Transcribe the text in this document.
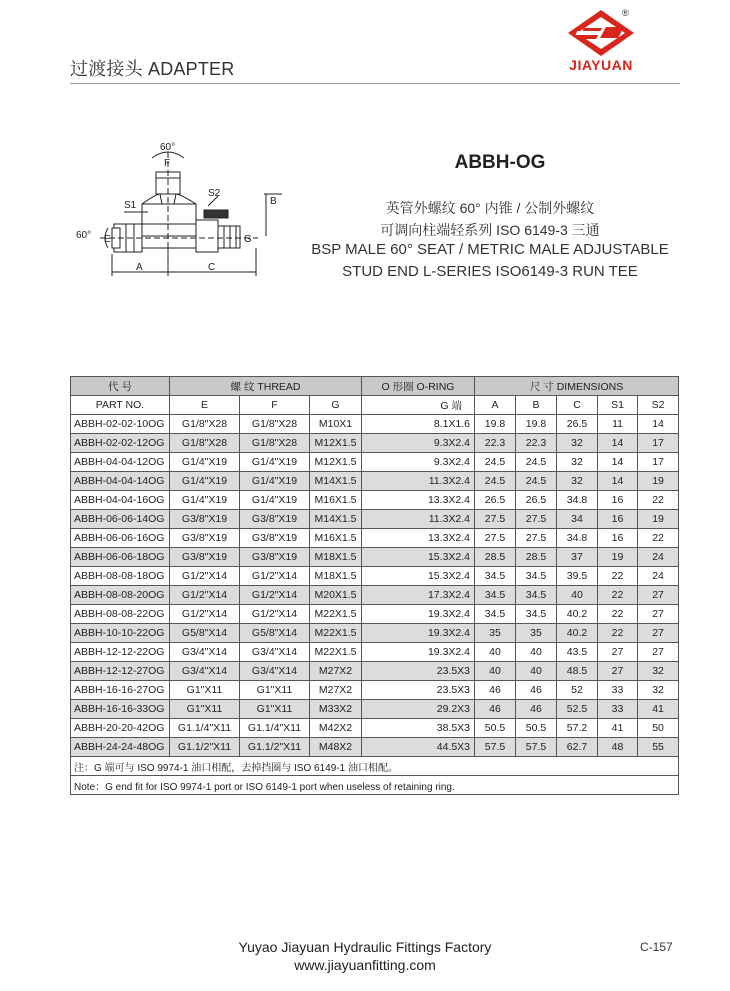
过渡接头 ADAPTER
®
JIAYUAN
ABBH-OG
英管外螺纹 60° 内锥 / 公制外螺纹
可调向柱端轻系列 ISO 6149-3 三通
BSP MALE 60° SEAT / METRIC MALE ADJUSTABLE
STUD END L-SERIES ISO6149-3 RUN TEE
60°
F
S1
S2
B
60° E	G
A	C
代 号	螺 纹 THREAD			O 形圈 O-RING	尺 寸 DIMENSIONS				
PART NO.	E	F	G	G 端	A	B	C	S1	S2
ABBH-02-02-10OG	G1/8"X28	G1/8"X28	M10X1	8.1X1.6	19.8	19.8	26.5	11	14
ABBH-02-02-12OG	G1/8"X28	G1/8"X28	M12X1.5	9.3X2.4	22.3	22.3	32	14	17
ABBH-04-04-12OG	G1/4"X19	G1/4"X19	M12X1.5	9.3X2.4	24.5	24.5	32	14	17
ABBH-04-04-14OG	G1/4"X19	G1/4"X19	M14X1.5	11.3X2.4	24.5	24.5	32	14	19
ABBH-04-04-16OG	G1/4"X19	G1/4"X19	M16X1.5	13.3X2.4	26.5	26.5	34.8	16	22
ABBH-06-06-14OG	G3/8"X19	G3/8"X19	M14X1.5	11.3X2.4	27.5	27.5	34	16	19
ABBH-06-06-16OG	G3/8"X19	G3/8"X19	M16X1.5	13.3X2.4	27.5	27.5	34.8	16	22
ABBH-06-06-18OG	G3/8"X19	G3/8"X19	M18X1.5	15.3X2.4	28.5	28.5	37	19	24
ABBH-08-08-18OG	G1/2"X14	G1/2"X14	M18X1.5	15.3X2.4	34.5	34.5	39.5	22	24
ABBH-08-08-20OG	G1/2"X14	G1/2"X14	M20X1.5	17.3X2.4	34.5	34.5	40	22	27
ABBH-08-08-22OG	G1/2"X14	G1/2"X14	M22X1.5	19.3X2.4	34.5	34.5	40.2	22	27
ABBH-10-10-22OG	G5/8"X14	G5/8"X14	M22X1.5	19.3X2.4	35	35	40.2	22	27
ABBH-12-12-22OG	G3/4"X14	G3/4"X14	M22X1.5	19.3X2.4	40	40	43.5	27	27
ABBH-12-12-27OG	G3/4"X14	G3/4"X14	M27X2	23.5X3	40	40	48.5	27	32
ABBH-16-16-27OG	G1"X11	G1"X11	M27X2	23.5X3	46	46	52	33	32
ABBH-16-16-33OG	G1"X11	G1"X11	M33X2	29.2X3	46	46	52.5	33	41
ABBH-20-20-42OG	G1.1/4"X11	G1.1/4"X11	M42X2	38.5X3	50.5	50.5	57.2	41	50
ABBH-24-24-48OG	G1.1/2"X11	G1.1/2"X11	M48X2	44.5X3	57.5	57.5	62.7	48	55
注：G 端可与 ISO 9974-1 油口相配，去掉挡圈与 ISO 6149-1 油口相配。									
Note：G end fit for ISO 9974-1 port or ISO 6149-1 port when useless of retaining ring.									
Yuyao Jiayuan Hydraulic Fittings Factory
www.jiayuanfitting.com
C-157
